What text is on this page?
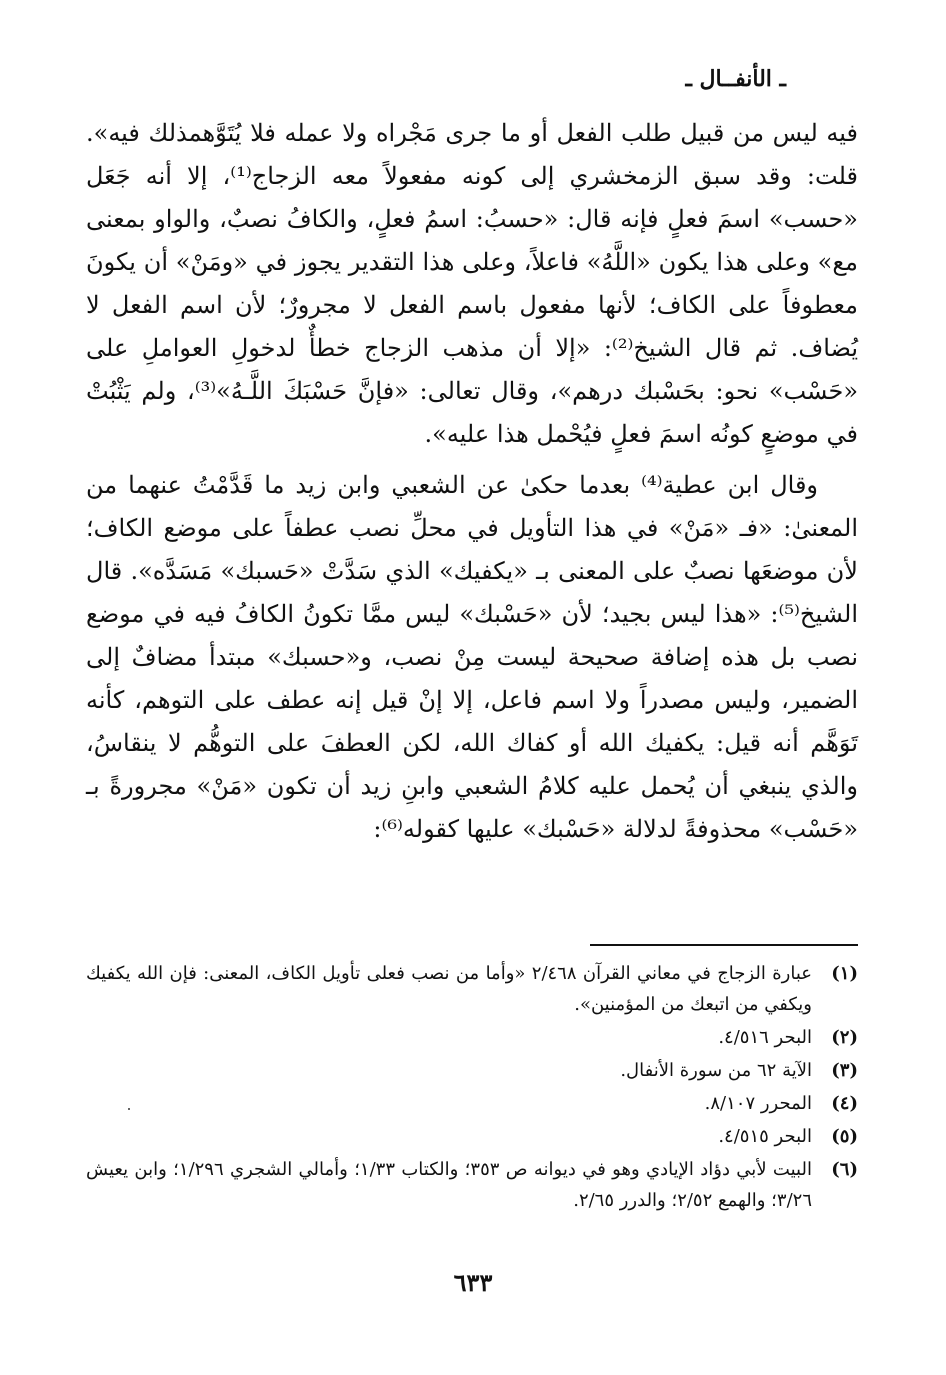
ـ الأنفــال ـ

فيه ليس من قبيل طلب الفعل أو ما جرى مَجْراه ولا عمله فلا يُتَوَّهمذلك فيه». قلت: وقد سبق الزمخشري إلى كونه مفعولاً معه الزجاج⁽¹⁾، إلا أنه جَعَل «حسب» اسمَ فعلٍ فإنه قال: «حسبُ: اسمُ فعلٍ، والكافُ نصبٌ، والواو بمعنى مع» وعلى هذا يكون «اللَّهُ» فاعلاً، وعلى هذا التقدير يجوز في «ومَنْ» أن يكونَ معطوفاً على الكاف؛ لأنها مفعول باسم الفعل لا مجرورٌ؛ لأن اسم الفعل لا يُضاف. ثم قال الشيخ⁽²⁾: «إلا أن مذهب الزجاج خطأٌ لدخولِ العواملِ على «حَسْب» نحو: بحَسْبك درهم»، وقال تعالى: «فإنَّ حَسْبَكَ اللَّـهُ»⁽³⁾، ولم يَثْبُتْ في موضعٍ كونُه اسمَ فعلٍ فيُحْمل هذا عليه».

وقال ابن عطية⁽⁴⁾ بعدما حكىٰ عن الشعبي وابن زيد ما قَدَّمْتُ عنهما من المعنىٰ: «فـ «مَنْ» في هذا التأويل في محلِّ نصب عطفاً على موضع الكاف؛ لأن موضعَها نصبٌ على المعنى بـ «يكفيك» الذي سَدَّتْ «حَسبك» مَسَدَّه». قال الشيخ⁽⁵⁾: «هذا ليس بجيد؛ لأن «حَسْبك» ليس ممَّا تكونُ الكافُ فيه في موضع نصب بل هذه إضافة صحيحة ليست مِنْ نصب، و«حسبك» مبتدأ مضافٌ إلى الضمير، وليس مصدراً ولا اسم فاعل، إلا إنْ قيل إنه عطف على التوهم، كأنه تَوَهَّم أنه قيل: يكفيك الله أو كفاك الله، لكن العطفَ على التوهُّم لا ينقاسُ، والذي ينبغي أن يُحمل عليه كلامُ الشعبي وابنِ زيد أن تكون «مَنْ» مجرورةً بـ «حَسْب» محذوفةً لدلالة «حَسْبك» عليها كقوله⁽⁶⁾:

(١)
عبارة الزجاج في معاني القرآن ٢/٤٦٨ «وأما من نصب فعلى تأويل الكاف، المعنى: فإن الله يكفيك ويكفي من اتبعك من المؤمنين».
(٢)
البحر ٤/٥١٦.
(٣)
الآية ٦٢ من سورة الأنفال.
(٤)
المحرر ٨/١٠٧.
(٥)
البحر ٤/٥١٥.
(٦)
البيت لأبي دؤاد الإيادي وهو في ديوانه ص ٣٥٣؛ والكتاب ١/٣٣؛ وأمالي الشجري ١/٢٩٦؛ وابن يعيش ٣/٢٦؛ والهمع ٢/٥٢؛ والدرر ٢/٦٥.
٦٣٣
